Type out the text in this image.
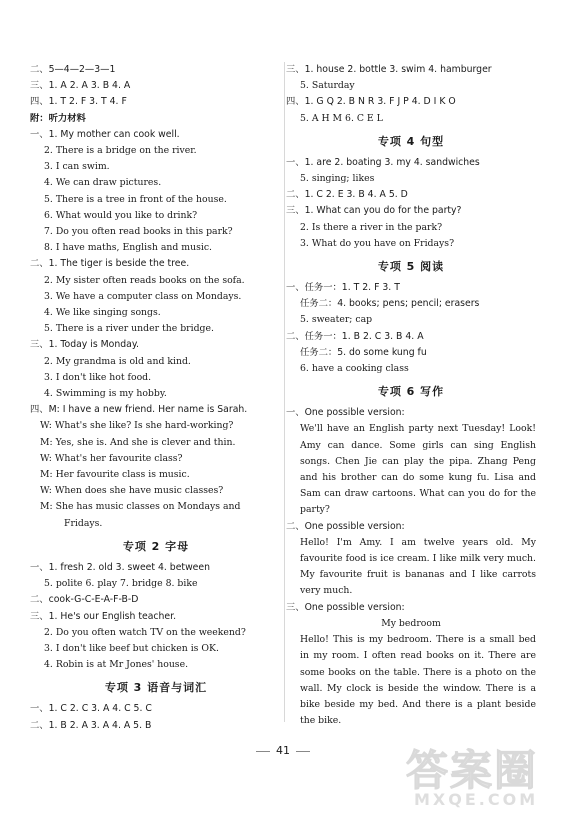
二、5—4—2—3—1
三、1. A 2. A 3. B 4. A
四、1. T 2. F 3. T 4. F
附：听力材料
一、1. My mother can cook well.
2. There is a bridge on the river.
3. I can swim.
4. We can draw pictures.
5. There is a tree in front of the house.
6. What would you like to drink?
7. Do you often read books in this park?
8. I have maths, English and music.
二、1. The tiger is beside the tree.
2. My sister often reads books on the sofa.
3. We have a computer class on Mondays.
4. We like singing songs.
5. There is a river under the bridge.
三、1. Today is Monday.
2. My grandma is old and kind.
3. I don't like hot food.
4. Swimming is my hobby.
四、M: I have a new friend. Her name is Sarah.
W: What's she like? Is she hard-working?
M: Yes, she is. And she is clever and thin.
W: What's her favourite class?
M: Her favourite class is music.
W: When does she have music classes?
M: She has music classes on Mondays and
Fridays.
专项 2 字母
一、1. fresh 2. old 3. sweet 4. between
5. polite 6. play 7. bridge 8. bike
二、cook-G-C-E-A-F-B-D
三、1. He's our English teacher.
2. Do you often watch TV on the weekend?
3. I don't like beef but chicken is OK.
4. Robin is at Mr Jones' house.
专项 3 语音与词汇
一、1. C 2. C 3. A 4. C 5. C
二、1. B 2. A 3. A 4. A 5. B
三、1. house 2. bottle 3. swim 4. hamburger
5. Saturday
四、1. G Q 2. B N R 3. F J P 4. D I K O
5. A H M 6. C E L
专项 4 句型
一、1. are 2. boating 3. my 4. sandwiches
5. singing; likes
二、1. C 2. E 3. B 4. A 5. D
三、1. What can you do for the party?
2. Is there a river in the park?
3. What do you have on Fridays?
专项 5 阅读
一、任务一：1. T 2. F 3. T
任务二：4. books; pens; pencil; erasers
5. sweater; cap
二、任务一：1. B 2. C 3. B 4. A
任务二：5. do some kung fu
6. have a cooking class
专项 6 写作
一、One possible version:
We'll have an English party next Tuesday! Look! Amy can dance. Some girls can sing English songs. Chen Jie can play the pipa. Zhang Peng and his brother can do some kung fu. Lisa and Sam can draw cartoons. What can you do for the party?
二、One possible version:
Hello! I'm Amy. I am twelve years old. My favourite food is ice cream. I like milk very much. My favourite fruit is bananas and I like carrots very much.
三、One possible version:
My bedroom
Hello! This is my bedroom. There is a small bed in my room. I often read books on it. There are some books on the table. There is a photo on the wall. My clock is beside the window. There is a bike beside my bed. And there is a plant beside the bike.
41	答案圈
MXQE.COM
